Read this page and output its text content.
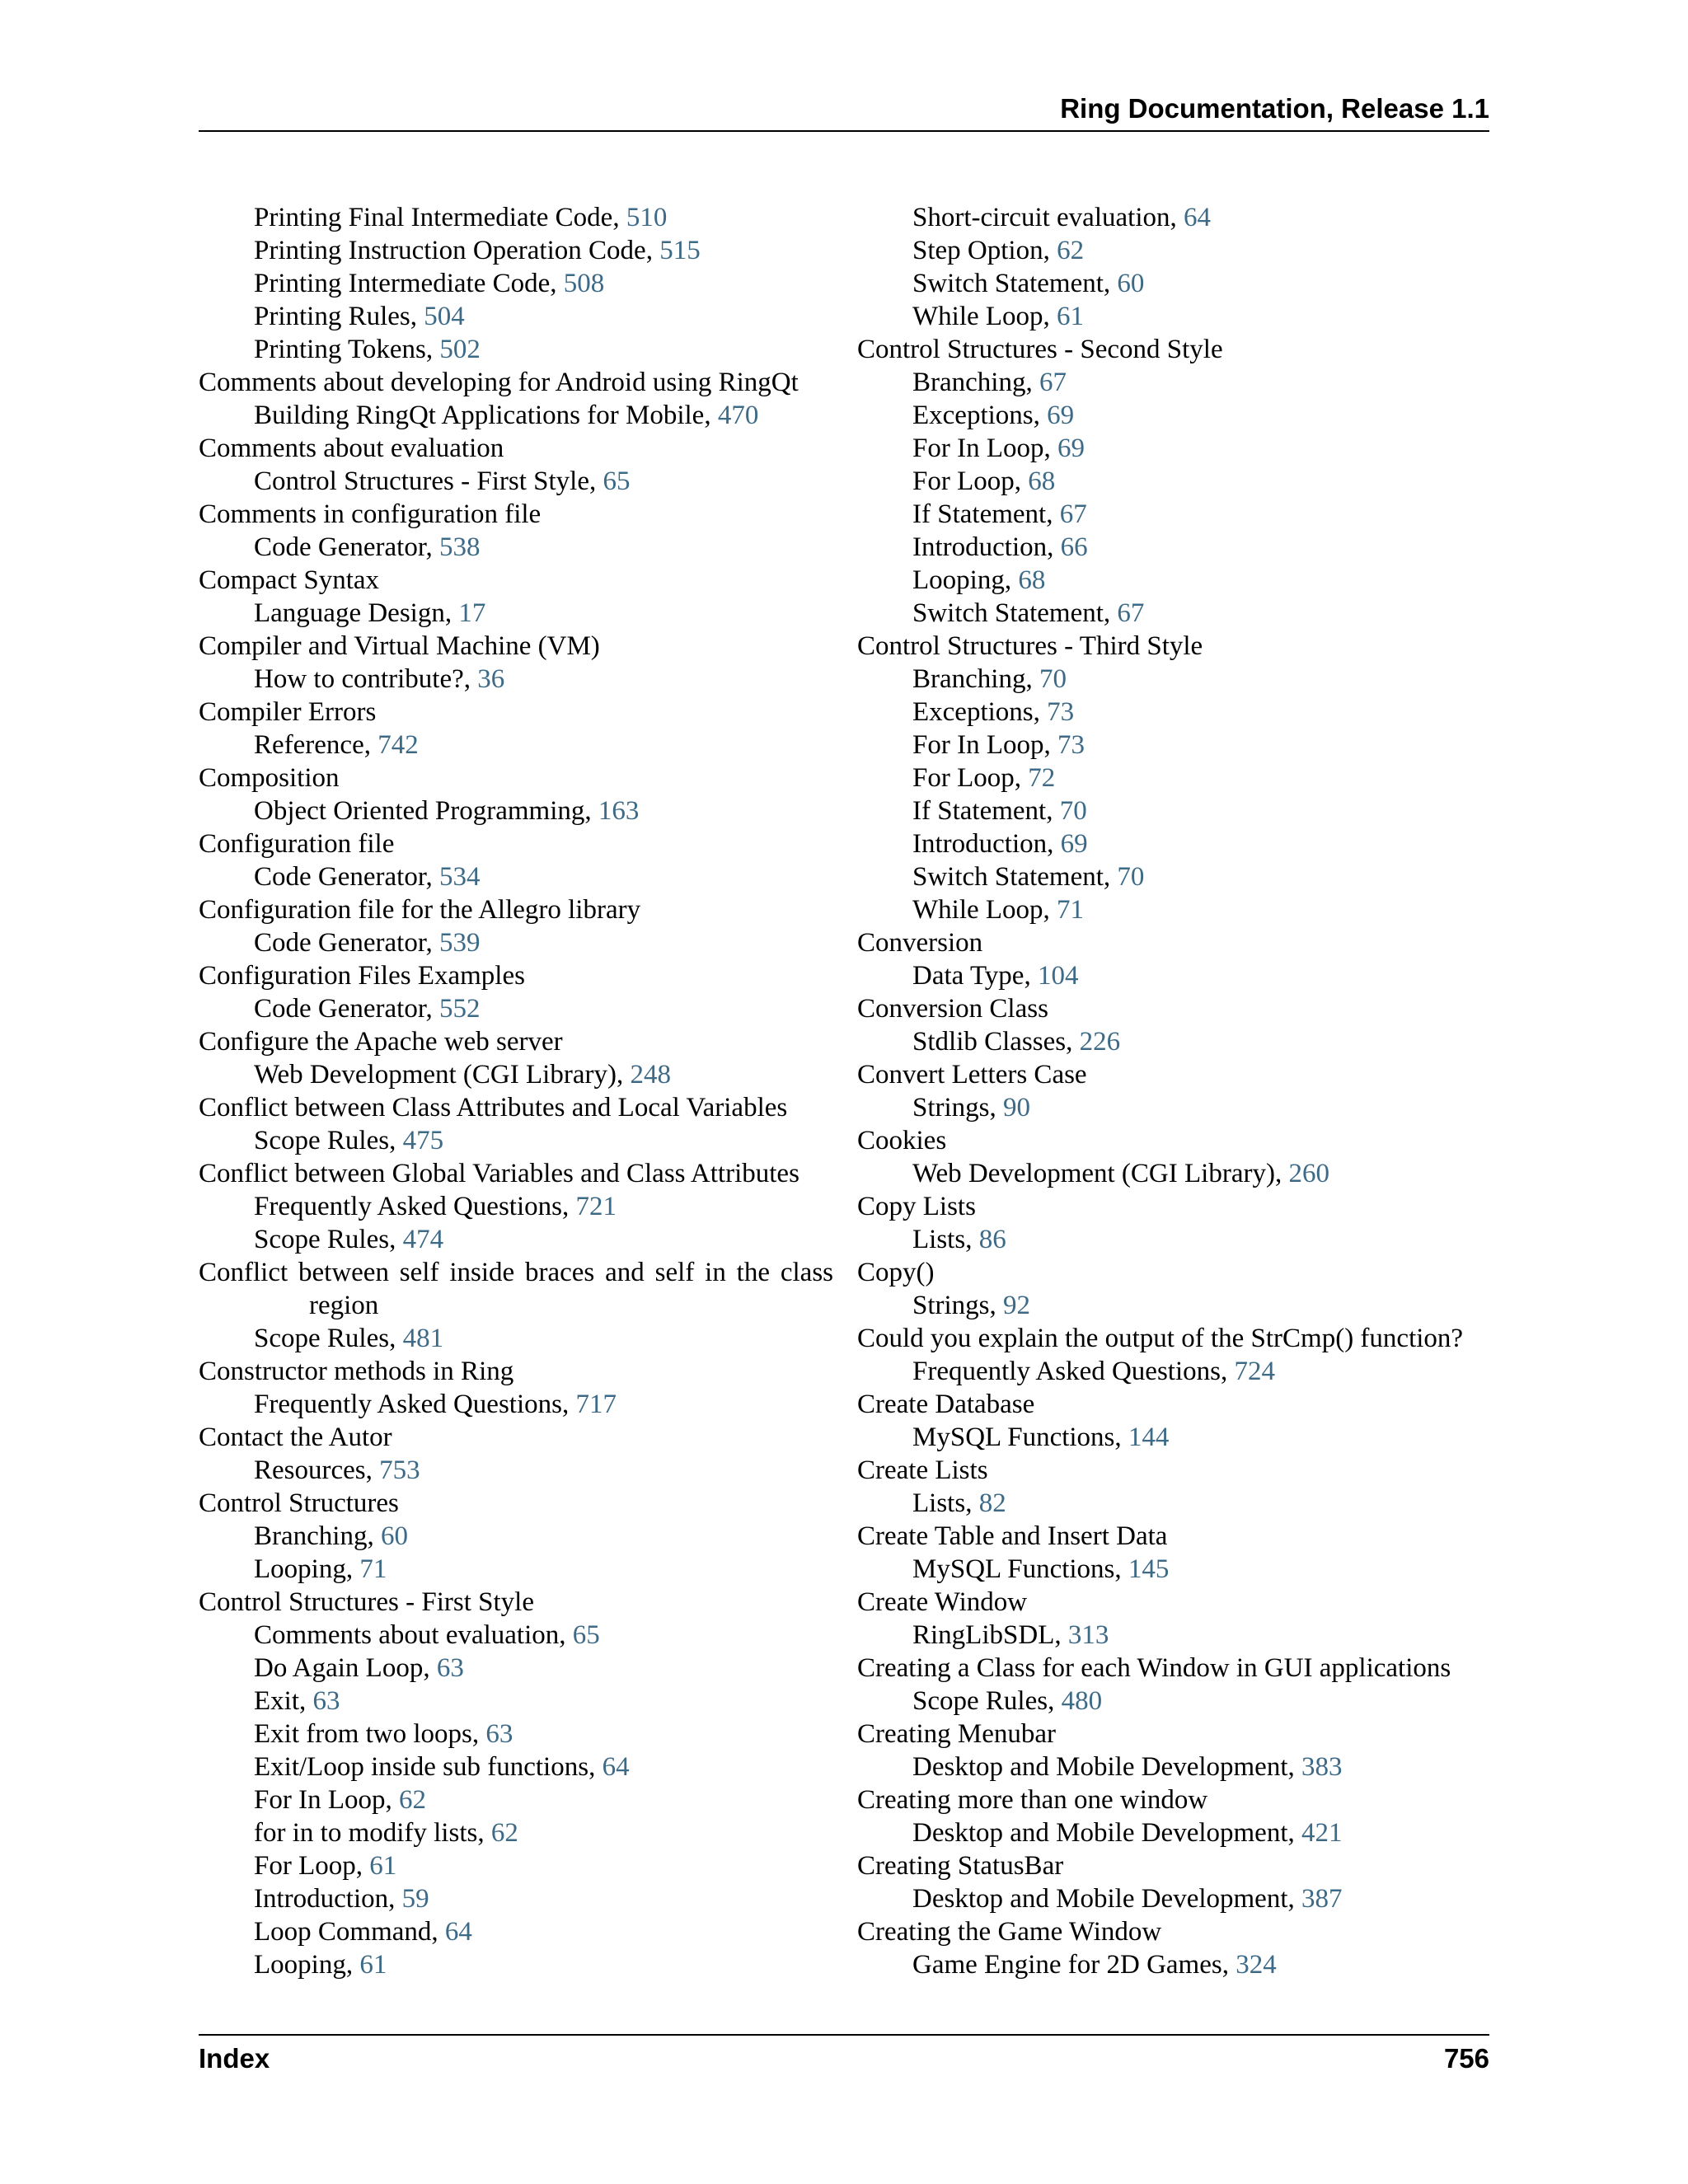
Ring Documentation, Release 1.1
Printing Final Intermediate Code, 510
Printing Instruction Operation Code, 515
Printing Intermediate Code, 508
Printing Rules, 504
Printing Tokens, 502
Comments about developing for Android using RingQt
Building RingQt Applications for Mobile, 470
Comments about evaluation
Control Structures - First Style, 65
Comments in configuration file
Code Generator, 538
Compact Syntax
Language Design, 17
Compiler and Virtual Machine (VM)
How to contribute?, 36
Compiler Errors
Reference, 742
Composition
Object Oriented Programming, 163
Configuration file
Code Generator, 534
Configuration file for the Allegro library
Code Generator, 539
Configuration Files Examples
Code Generator, 552
Configure the Apache web server
Web Development (CGI Library), 248
Conflict between Class Attributes and Local Variables
Scope Rules, 475
Conflict between Global Variables and Class Attributes
Frequently Asked Questions, 721
Scope Rules, 474
Conflict between self inside braces and self in the class
region
Scope Rules, 481
Constructor methods in Ring
Frequently Asked Questions, 717
Contact the Autor
Resources, 753
Control Structures
Branching, 60
Looping, 71
Control Structures - First Style
Comments about evaluation, 65
Do Again Loop, 63
Exit, 63
Exit from two loops, 63
Exit/Loop inside sub functions, 64
For In Loop, 62
for in to modify lists, 62
For Loop, 61
Introduction, 59
Loop Command, 64
Looping, 61
Short-circuit evaluation, 64
Step Option, 62
Switch Statement, 60
While Loop, 61
Control Structures - Second Style
Branching, 67
Exceptions, 69
For In Loop, 69
For Loop, 68
If Statement, 67
Introduction, 66
Looping, 68
Switch Statement, 67
Control Structures - Third Style
Branching, 70
Exceptions, 73
For In Loop, 73
For Loop, 72
If Statement, 70
Introduction, 69
Switch Statement, 70
While Loop, 71
Conversion
Data Type, 104
Conversion Class
Stdlib Classes, 226
Convert Letters Case
Strings, 90
Cookies
Web Development (CGI Library), 260
Copy Lists
Lists, 86
Copy()
Strings, 92
Could you explain the output of the StrCmp() function?
Frequently Asked Questions, 724
Create Database
MySQL Functions, 144
Create Lists
Lists, 82
Create Table and Insert Data
MySQL Functions, 145
Create Window
RingLibSDL, 313
Creating a Class for each Window in GUI applications
Scope Rules, 480
Creating Menubar
Desktop and Mobile Development, 383
Creating more than one window
Desktop and Mobile Development, 421
Creating StatusBar
Desktop and Mobile Development, 387
Creating the Game Window
Game Engine for 2D Games, 324
Index	756
